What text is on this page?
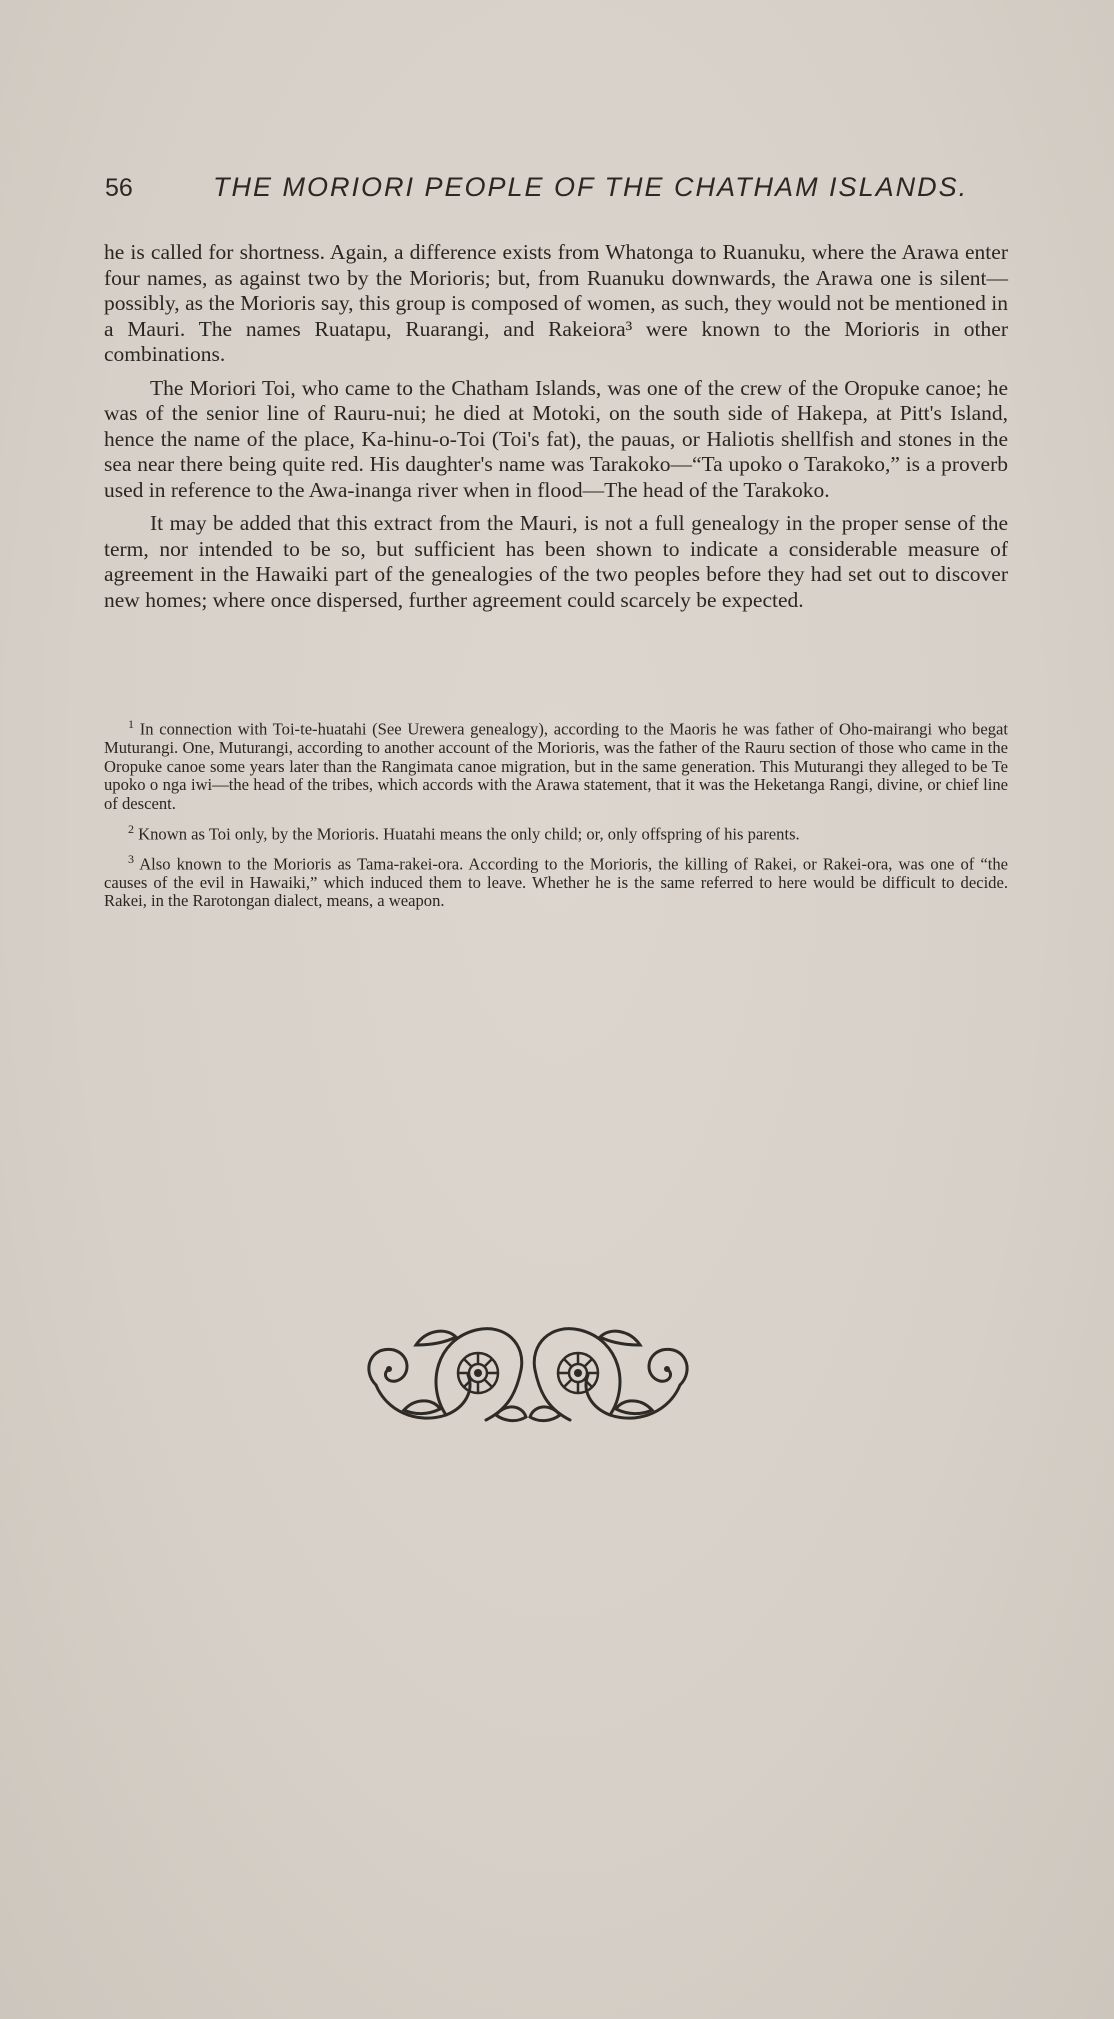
56	THE MORIORI PEOPLE OF THE CHATHAM ISLANDS.

he is called for shortness. Again, a difference exists from Whatonga to Ruanuku, where the Arawa enter four names, as against two by the Morioris; but, from Ruanuku downwards, the Arawa one is silent—possibly, as the Morioris say, this group is composed of women, as such, they would not be mentioned in a Mauri. The names Ruatapu, Ruarangi, and Rakeiora³ were known to the Morioris in other combinations.

The Moriori Toi, who came to the Chatham Islands, was one of the crew of the Oropuke canoe; he was of the senior line of Rauru-nui; he died at Motoki, on the south side of Hakepa, at Pitt's Island, hence the name of the place, Ka-hinu-o-Toi (Toi's fat), the pauas, or Haliotis shellfish and stones in the sea near there being quite red. His daughter's name was Tarakoko—“Ta upoko o Tarakoko,” is a proverb used in reference to the Awa-inanga river when in flood—The head of the Tarakoko.

It may be added that this extract from the Mauri, is not a full genealogy in the proper sense of the term, nor intended to be so, but sufficient has been shown to indicate a considerable measure of agreement in the Hawaiki part of the genealogies of the two peoples before they had set out to discover new homes; where once dispersed, further agreement could scarcely be expected.

$^1$ In connection with Toi-te-huatahi (See Urewera genealogy), according to the Maoris he was father of Oho-mairangi who begat Muturangi. One, Muturangi, according to another account of the Morioris, was the father of the Rauru section of those who came in the Oropuke canoe some years later than the Rangimata canoe migration, but in the same generation. This Muturangi they alleged to be Te upoko o nga iwi—the head of the tribes, which accords with the Arawa statement, that it was the Heketanga Rangi, divine, or chief line of descent.

$^2$ Known as Toi only, by the Morioris. Huatahi means the only child; or, only offspring of his parents.

$^3$ Also known to the Morioris as Tama-rakei-ora. According to the Morioris, the killing of Rakei, or Rakei-ora, was one of “the causes of the evil in Hawaiki,” which induced them to leave. Whether he is the same referred to here would be difficult to decide. Rakei, in the Rarotongan dialect, means, a weapon.
